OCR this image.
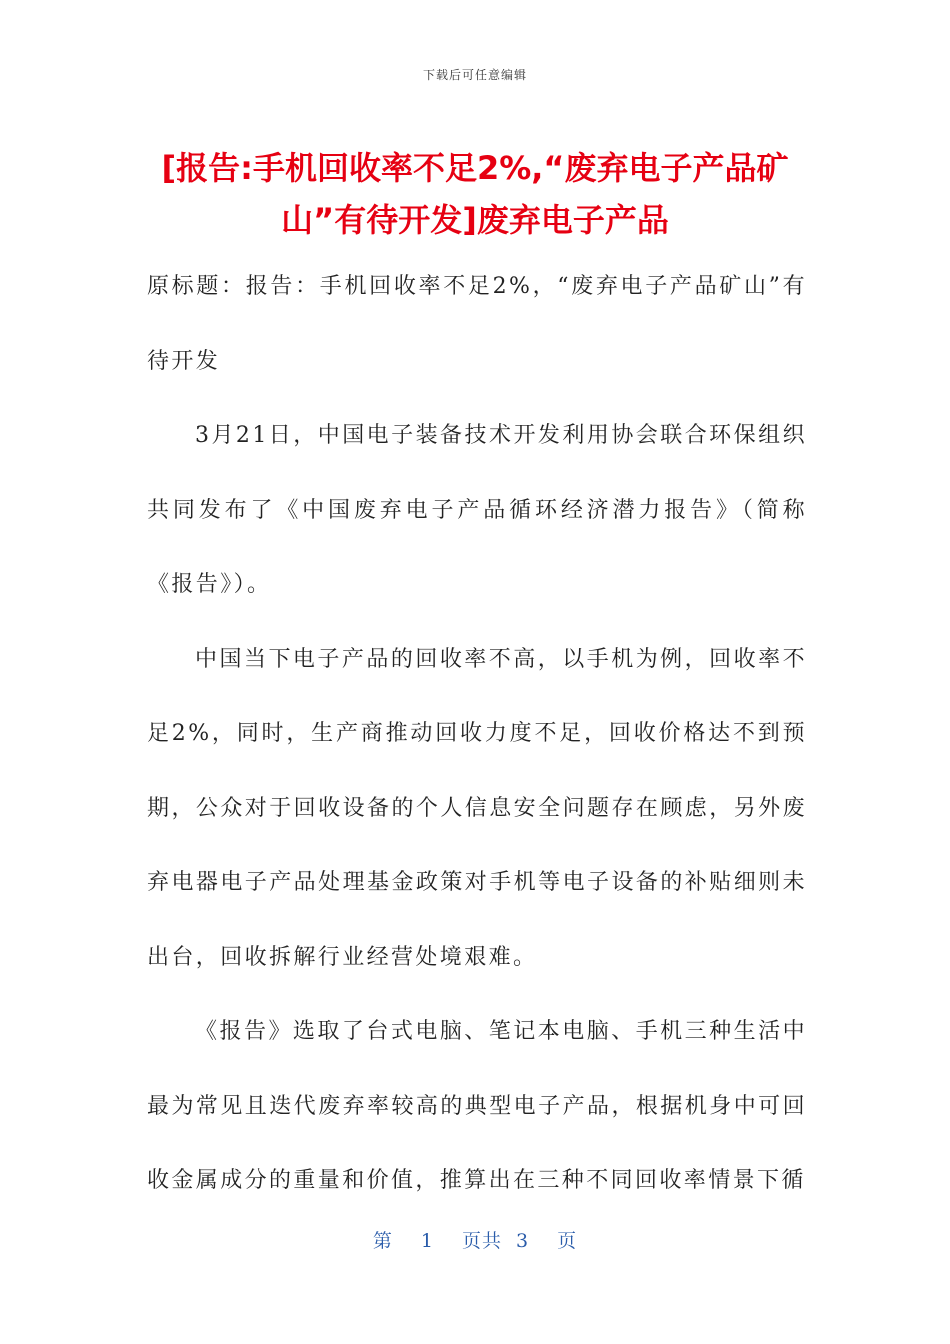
下载后可任意编辑
[报告:手机回收率不足2%,“废弃电子产品矿山”有待开发]废弃电子产品

原标题：报告：手机回收率不足2%，“废弃电子产品矿山”有待开发

3月21日，中国电子装备技术开发利用协会联合环保组织共同发布了《中国废弃电子产品循环经济潜力报告》（简称《报告》）。

中国当下电子产品的回收率不高，以手机为例，回收率不足2%，同时，生产商推动回收力度不足，回收价格达不到预期，公众对于回收设备的个人信息安全问题存在顾虑，另外废弃电器电子产品处理基金政策对手机等电子设备的补贴细则未出台，回收拆解行业经营处境艰难。

《报告》选取了台式电脑、笔记本电脑、手机三种生活中最为常见且迭代废弃率较高的典型电子产品，根据机身中可回收金属成分的重量和价值，推算出在三种不同回收率情景下循

第 1 页共 3 页
